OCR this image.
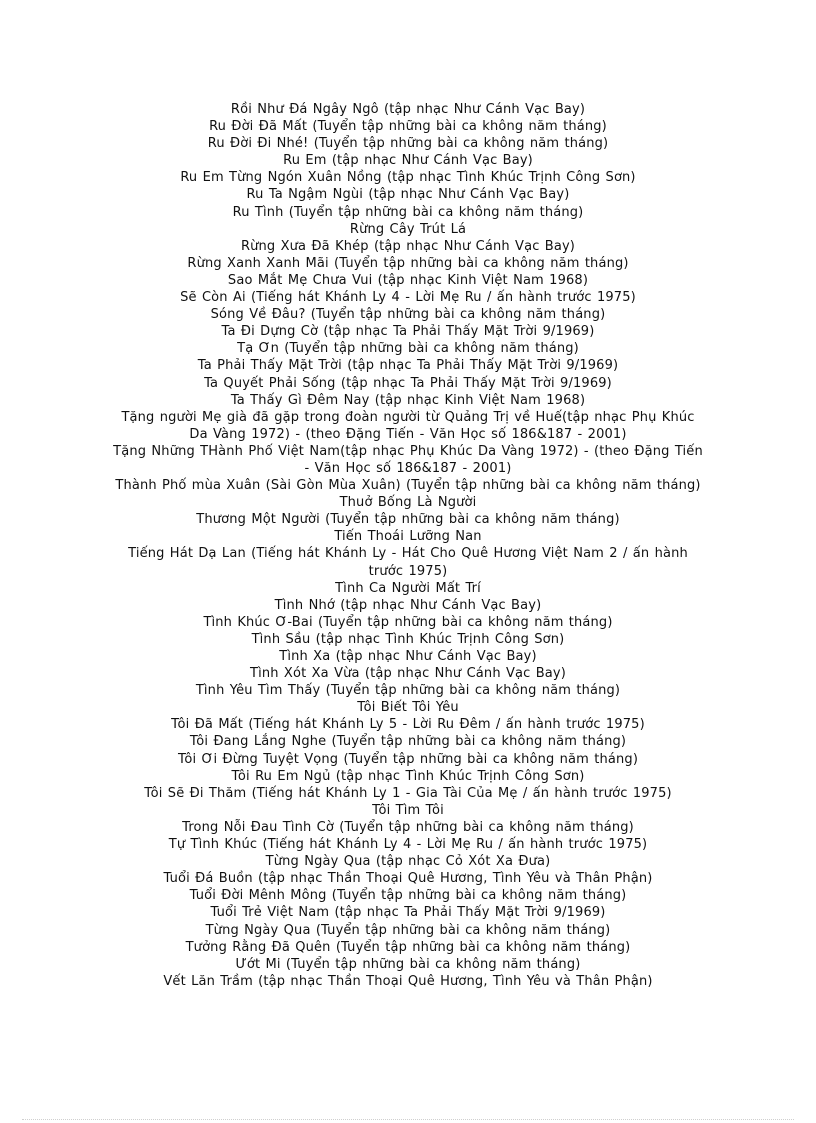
Rồi Như Đá Ngây Ngô (tập nhạc Như Cánh Vạc Bay)
Ru Đời Đã Mất (Tuyển tập những bài ca không năm tháng)
Ru Đời Đi Nhé! (Tuyển tập những bài ca không năm tháng)
Ru Em (tập nhạc Như Cánh Vạc Bay)
Ru Em Từng Ngón Xuân Nồng (tập nhạc Tình Khúc Trịnh Công Sơn)
Ru Ta Ngậm Ngùi (tập nhạc Như Cánh Vạc Bay)
Ru Tình (Tuyển tập những bài ca không năm tháng)
Rừng Cây Trút Lá
Rừng Xưa Đã Khép (tập nhạc Như Cánh Vạc Bay)
Rừng Xanh Xanh Mãi (Tuyển tập những bài ca không năm tháng)
Sao Mắt Mẹ Chưa Vui (tập nhạc Kinh Việt Nam 1968)
Sẽ Còn Ai (Tiếng hát Khánh Ly 4 - Lời Mẹ Ru / ấn hành trước 1975)
Sóng Về Đâu? (Tuyển tập những bài ca không năm tháng)
Ta Đi Dựng Cờ (tập nhạc Ta Phải Thấy Mặt Trời 9/1969)
Tạ Ơn (Tuyển tập những bài ca không năm tháng)
Ta Phải Thấy Mặt Trời (tập nhạc Ta Phải Thấy Mặt Trời 9/1969)
Ta Quyết Phải Sống (tập nhạc Ta Phải Thấy Mặt Trời 9/1969)
Ta Thấy Gì Đêm Nay (tập nhạc Kinh Việt Nam 1968)
Tặng người Mẹ già đã gặp trong đoàn người từ Quảng Trị về Huế(tập nhạc Phụ Khúc Da Vàng 1972) - (theo Đặng Tiến - Văn Học số 186&187 - 2001)
Tặng Những THành Phố Việt Nam(tập nhạc Phụ Khúc Da Vàng 1972) - (theo Đặng Tiến - Văn Học số 186&187 - 2001)
Thành Phố mùa Xuân (Sài Gòn Mùa Xuân) (Tuyển tập những bài ca không năm tháng)
Thuở Bống Là Người
Thương Một Người (Tuyển tập những bài ca không năm tháng)
Tiến Thoái Lưỡng Nan
Tiếng Hát Dạ Lan (Tiếng hát Khánh Ly - Hát Cho Quê Hương Việt Nam 2 / ấn hành trước 1975)
Tình Ca Người Mất Trí
Tình Nhớ (tập nhạc Như Cánh Vạc Bay)
Tình Khúc Ơ-Bai (Tuyển tập những bài ca không năm tháng)
Tình Sầu (tập nhạc Tình Khúc Trịnh Công Sơn)
Tình Xa (tập nhạc Như Cánh Vạc Bay)
Tình Xót Xa Vừa (tập nhạc Như Cánh Vạc Bay)
Tình Yêu Tìm Thấy (Tuyển tập những bài ca không năm tháng)
Tôi Biết Tôi Yêu
Tôi Đã Mất (Tiếng hát Khánh Ly 5 - Lời Ru Đêm / ấn hành trước 1975)
Tôi Đang Lắng Nghe (Tuyển tập những bài ca không năm tháng)
Tôi Ơi Đừng Tuyệt Vọng (Tuyển tập những bài ca không năm tháng)
Tôi Ru Em Ngủ (tập nhạc Tình Khúc Trịnh Công Sơn)
Tôi Sẽ Đi Thăm (Tiếng hát Khánh Ly 1 - Gia Tài Của Mẹ / ấn hành trước 1975)
Tôi Tìm Tôi
Trong Nỗi Đau Tình Cờ (Tuyển tập những bài ca không năm tháng)
Tự Tình Khúc (Tiếng hát Khánh Ly 4 - Lời Mẹ Ru / ấn hành trước 1975)
Từng Ngày Qua (tập nhạc Cỏ Xót Xa Đưa)
Tuổi Đá Buồn (tập nhạc Thần Thoại Quê Hương, Tình Yêu và Thân Phận)
Tuổi Đời Mênh Mông (Tuyển tập những bài ca không năm tháng)
Tuổi Trẻ Việt Nam (tập nhạc Ta Phải Thấy Mặt Trời 9/1969)
Từng Ngày Qua (Tuyển tập những bài ca không năm tháng)
Tưởng Rằng Đã Quên (Tuyển tập những bài ca không năm tháng)
Ướt Mi (Tuyển tập những bài ca không năm tháng)
Vết Lăn Trầm (tập nhạc Thần Thoại Quê Hương, Tình Yêu và Thân Phận)
